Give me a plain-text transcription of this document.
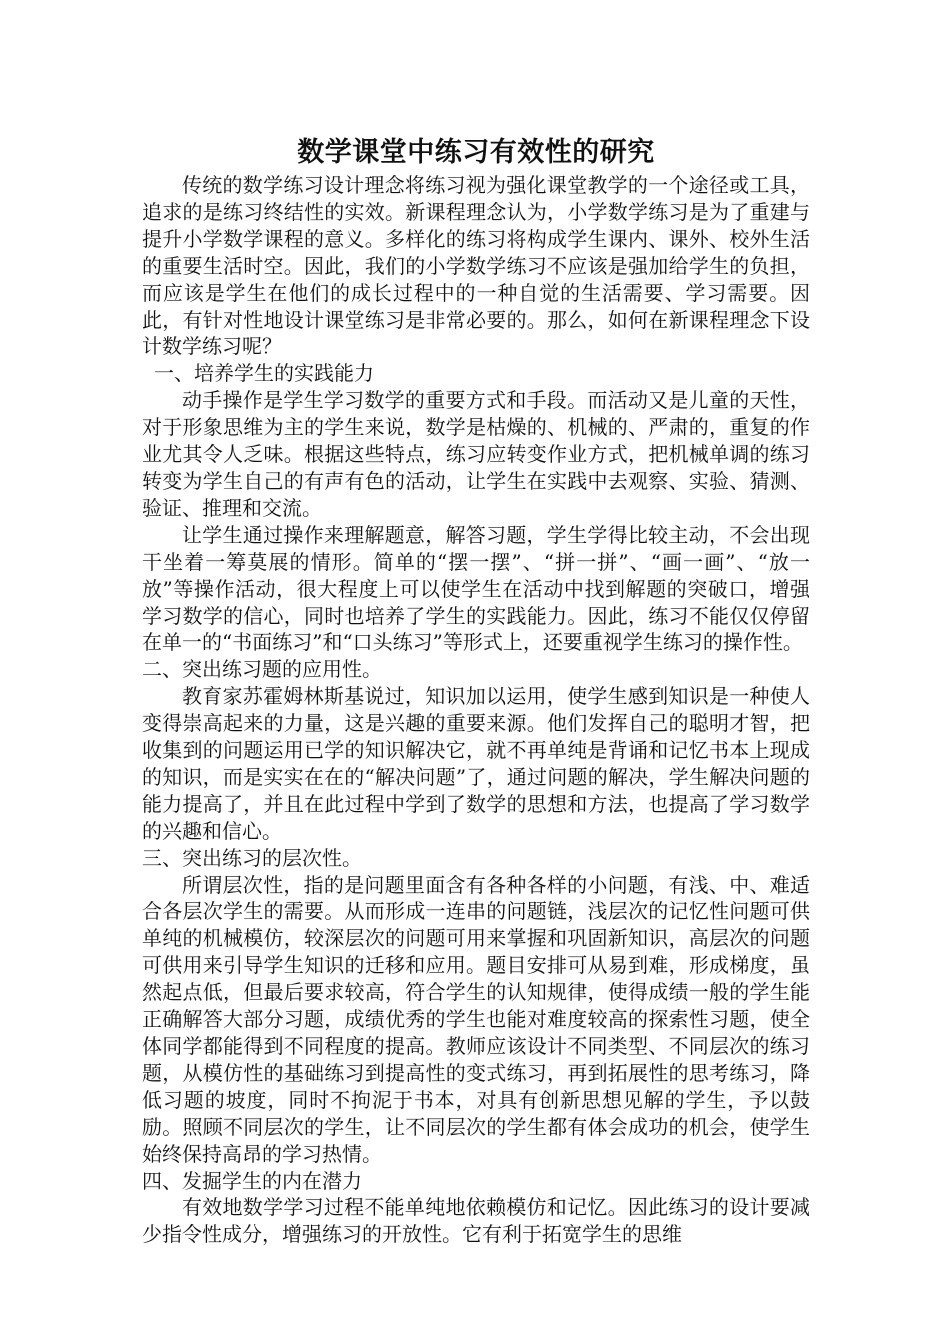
数学课堂中练习有效性的研究

传统的数学练习设计理念将练习视为强化课堂教学的一个途径或工具，追求的是练习终结性的实效。新课程理念认为，小学数学练习是为了重建与提升小学数学课程的意义。多样化的练习将构成学生课内、课外、校外生活的重要生活时空。因此，我们的小学数学练习不应该是强加给学生的负担，而应该是学生在他们的成长过程中的一种自觉的生活需要、学习需要。因此，有针对性地设计课堂练习是非常必要的。那么，如何在新课程理念下设计数学练习呢？

一、培养学生的实践能力

动手操作是学生学习数学的重要方式和手段。而活动又是儿童的天性，对于形象思维为主的学生来说，数学是枯燥的、机械的、严肃的，重复的作业尤其令人乏味。根据这些特点，练习应转变作业方式，把机械单调的练习转变为学生自己的有声有色的活动，让学生在实践中去观察、实验、猜测、验证、推理和交流。

让学生通过操作来理解题意，解答习题，学生学得比较主动，不会出现干坐着一筹莫展的情形。简单的“摆一摆”、“拼一拼”、“画一画”、“放一放”等操作活动，很大程度上可以使学生在活动中找到解题的突破口，增强学习数学的信心，同时也培养了学生的实践能力。因此，练习不能仅仅停留在单一的“书面练习”和“口头练习”等形式上，还要重视学生练习的操作性。

二、突出练习题的应用性。

教育家苏霍姆林斯基说过，知识加以运用，使学生感到知识是一种使人变得崇高起来的力量，这是兴趣的重要来源。他们发挥自己的聪明才智，把收集到的问题运用已学的知识解决它，就不再单纯是背诵和记忆书本上现成的知识，而是实实在在的“解决问题”了，通过问题的解决，学生解决问题的能力提高了，并且在此过程中学到了数学的思想和方法，也提高了学习数学的兴趣和信心。

三、突出练习的层次性。

所谓层次性，指的是问题里面含有各种各样的小问题，有浅、中、难适合各层次学生的需要。从而形成一连串的问题链，浅层次的记忆性问题可供单纯的机械模仿，较深层次的问题可用来掌握和巩固新知识，高层次的问题可供用来引导学生知识的迁移和应用。题目安排可从易到难，形成梯度，虽然起点低，但最后要求较高，符合学生的认知规律，使得成绩一般的学生能正确解答大部分习题，成绩优秀的学生也能对难度较高的探索性习题，使全体同学都能得到不同程度的提高。教师应该设计不同类型、不同层次的练习题，从模仿性的基础练习到提高性的变式练习，再到拓展性的思考练习，降低习题的坡度，同时不拘泥于书本，对具有创新思想见解的学生，予以鼓励。照顾不同层次的学生，让不同层次的学生都有体会成功的机会，使学生始终保持高昂的学习热情。

四、发掘学生的内在潜力

有效地数学学习过程不能单纯地依赖模仿和记忆。因此练习的设计要减少指令性成分，增强练习的开放性。它有利于拓宽学生的思维
